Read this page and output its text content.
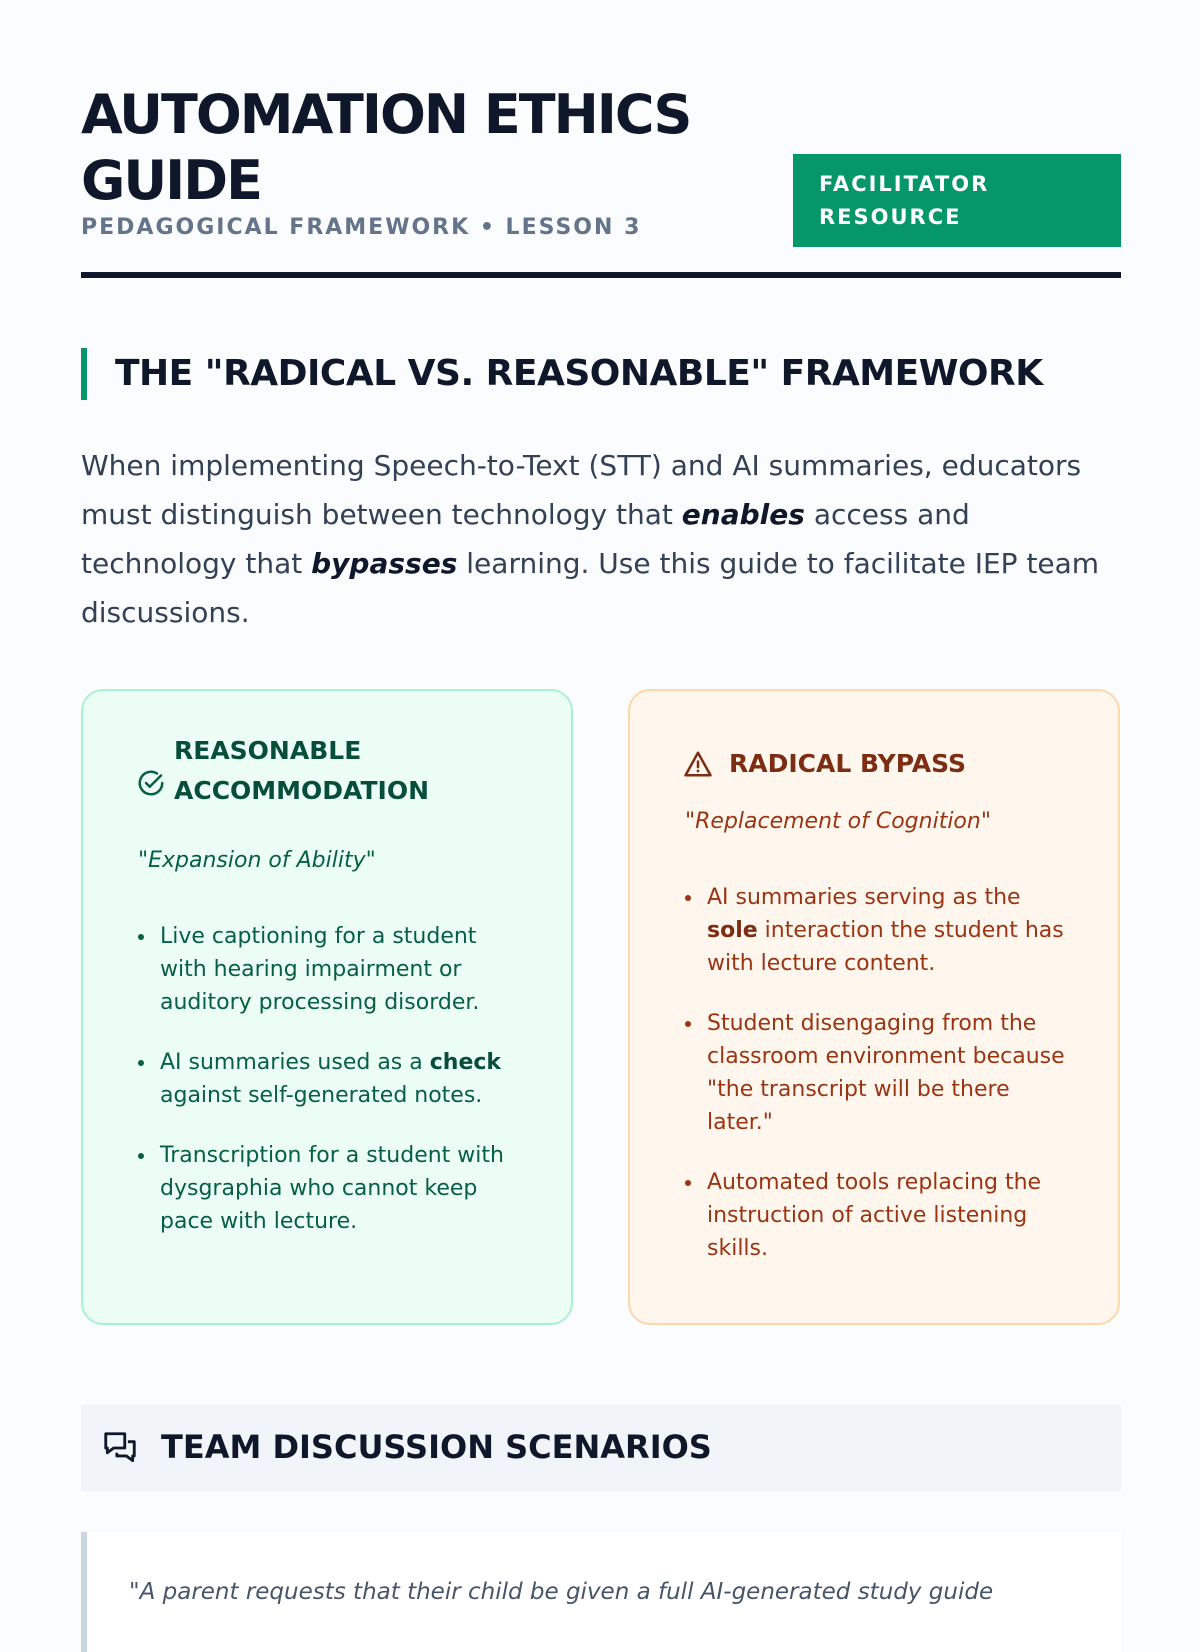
AUTOMATION ETHICS
GUIDE
PEDAGOGICAL FRAMEWORK • LESSON 3
FACILITATOR
RESOURCE
THE "RADICAL VS. REASONABLE" FRAMEWORK

When implementing Speech-to-Text (STT) and AI summaries, educators must distinguish between technology that enables access and technology that bypasses learning. Use this guide to facilitate IEP team discussions.

REASONABLE
ACCOMMODATION
"Expansion of Ability"
Live captioning for a student with hearing impairment or auditory processing disorder.
AI summaries used as a check against self-generated notes.
Transcription for a student with dysgraphia who cannot keep pace with lecture.
RADICAL BYPASS
"Replacement of Cognition"
AI summaries serving as the sole interaction the student has with lecture content.
Student disengaging from the classroom environment because "the transcript will be there later."
Automated tools replacing the instruction of active listening skills.
TEAM DISCUSSION SCENARIOS

"A parent requests that their child be given a full AI-generated study guide
